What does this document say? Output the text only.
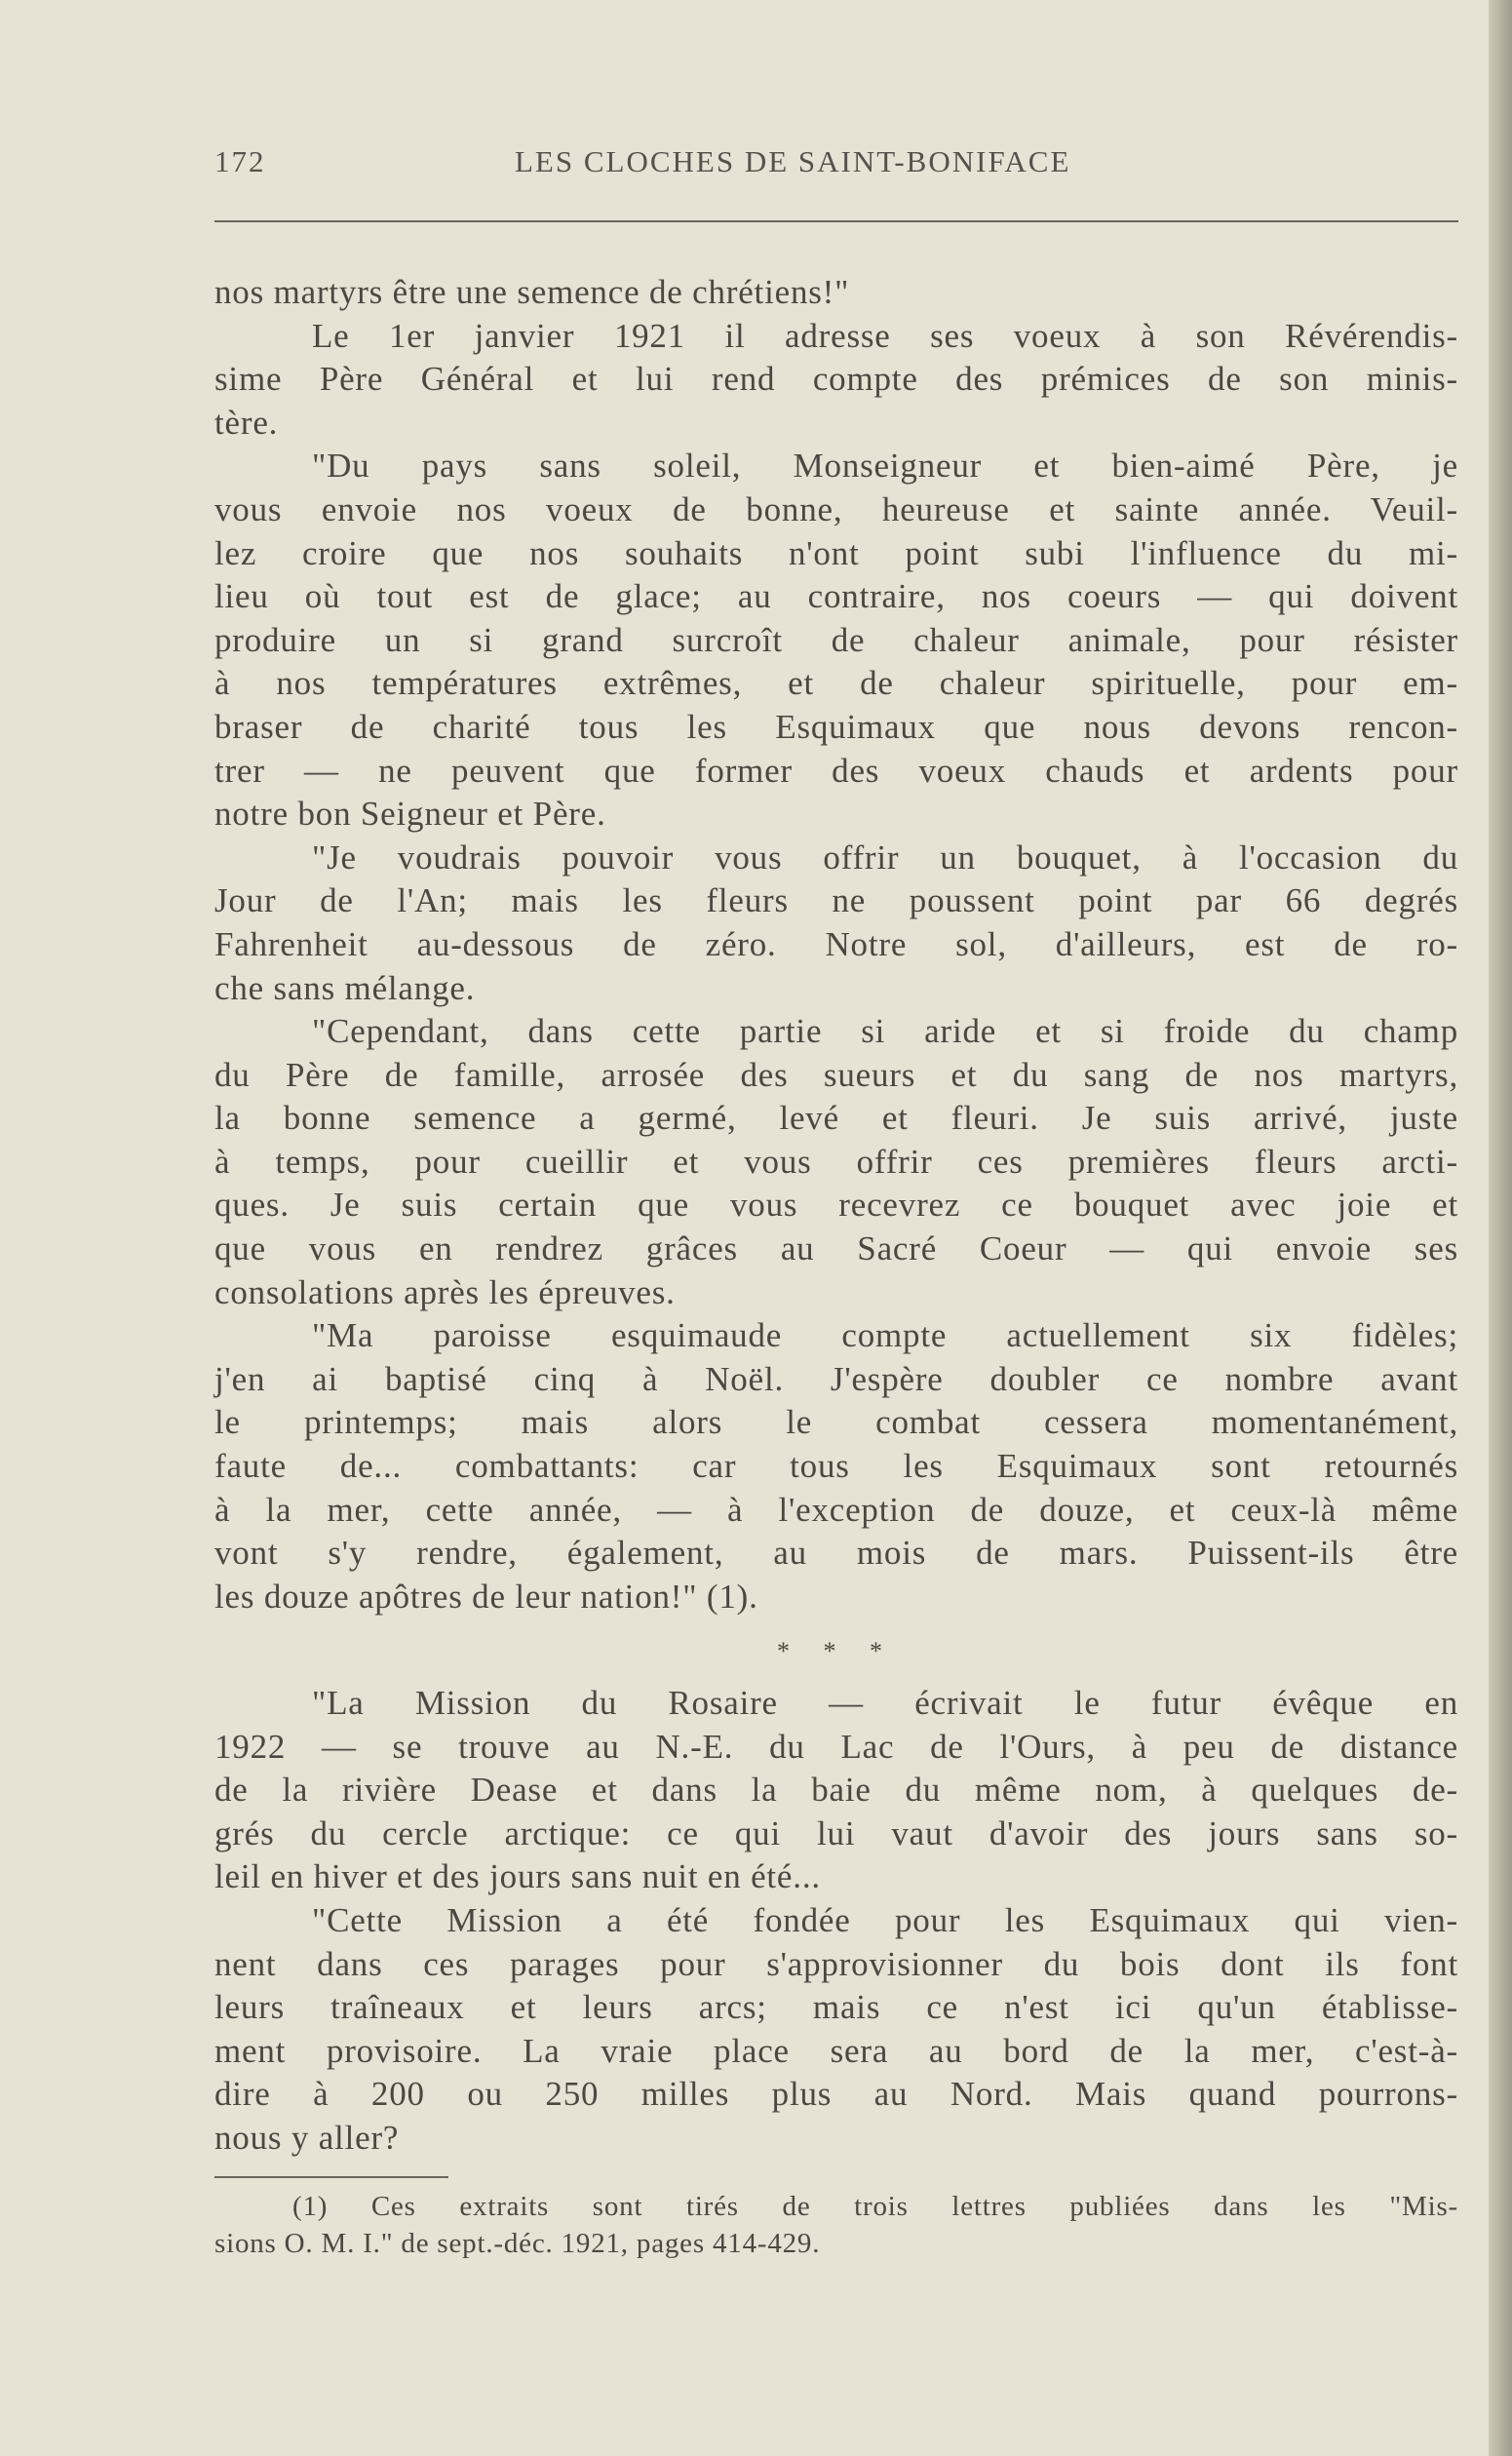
172	LES CLOCHES DE SAINT-BONIFACE

nos martyrs être une semence de chrétiens!"

Le 1er janvier 1921 il adresse ses voeux à son Révérendis-
sime Père Général et lui rend compte des prémices de son minis-

tère.

"Du pays sans soleil, Monseigneur et bien-aimé Père, je
vous envoie nos voeux de bonne, heureuse et sainte année. Veuil-
lez croire que nos souhaits n'ont point subi l'influence du mi-
lieu où tout est de glace; au contraire, nos coeurs — qui doivent
produire un si grand surcroît de chaleur animale, pour résister
à nos températures extrêmes, et de chaleur spirituelle, pour em-
braser de charité tous les Esquimaux que nous devons rencon-
trer — ne peuvent que former des voeux chauds et ardents pour

notre bon Seigneur et Père.

"Je voudrais pouvoir vous offrir un bouquet, à l'occasion du
Jour de l'An; mais les fleurs ne poussent point par 66 degrés
Fahrenheit au-dessous de zéro. Notre sol, d'ailleurs, est de ro-

che sans mélange.

"Cependant, dans cette partie si aride et si froide du champ
du Père de famille, arrosée des sueurs et du sang de nos martyrs,
la bonne semence a germé, levé et fleuri. Je suis arrivé, juste
à temps, pour cueillir et vous offrir ces premières fleurs arcti-
ques. Je suis certain que vous recevrez ce bouquet avec joie et
que vous en rendrez grâces au Sacré Coeur — qui envoie ses

consolations après les épreuves.

"Ma paroisse esquimaude compte actuellement six fidèles;
j'en ai baptisé cinq à Noël. J'espère doubler ce nombre avant
le printemps; mais alors le combat cessera momentanément,
faute de... combattants: car tous les Esquimaux sont retournés
à la mer, cette année, — à l'exception de douze, et ceux-là même
vont s'y rendre, également, au mois de mars. Puissent-ils être

les douze apôtres de leur nation!" (1).

* * *

"La Mission du Rosaire — écrivait le futur évêque en
1922 — se trouve au N.-E. du Lac de l'Ours, à peu de distance
de la rivière Dease et dans la baie du même nom, à quelques de-
grés du cercle arctique: ce qui lui vaut d'avoir des jours sans so-

leil en hiver et des jours sans nuit en été...

"Cette Mission a été fondée pour les Esquimaux qui vien-
nent dans ces parages pour s'approvisionner du bois dont ils font
leurs traîneaux et leurs arcs; mais ce n'est ici qu'un établisse-
ment provisoire. La vraie place sera au bord de la mer, c'est-à-
dire à 200 ou 250 milles plus au Nord. Mais quand pourrons-

nous y aller?

(1) Ces extraits sont tirés de trois lettres publiées dans les "Mis-

sions O. M. I." de sept.-déc. 1921, pages 414-429.
